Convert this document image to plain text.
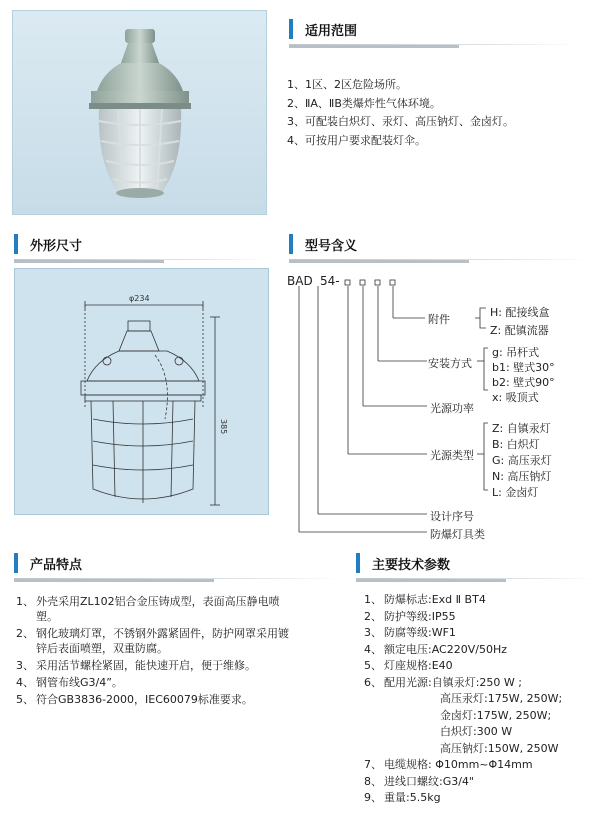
适用范围
1、1区、2区危险场所。
2、ⅡA、ⅡB类爆炸性气体环境。
3、可配装白炽灯、汞灯、高压钠灯、金卤灯。
4、可按用户要求配装灯伞。
外形尺寸	型号含义
φ234
385
BAD 54-
附件
H: 配接线盒
Z: 配镇流器
安装方式
g: 吊杆式
b1: 壁式30°
b2: 壁式90°
x: 吸顶式
光源功率
光源类型
Z: 自镇汞灯
B: 白炽灯
G: 高压汞灯
N: 高压钠灯
L: 金卤灯
设计序号
防爆灯具类
产品特点
1、 外壳采用ZL102铝合金压铸成型，表面高压静电喷塑。
2、 钢化玻璃灯罩，不锈钢外露紧固件，防护网罩采用镀锌后表面喷塑，双重防腐。
3、 采用活节螺栓紧固，能快速开启，便于维修。
4、 钢管布线G3/4”。
5、 符合GB3836-2000，IEC60079标准要求。
主要技术参数
1、 防爆标志:Exd Ⅱ BT4
2、 防护等级:IP55
3、 防腐等级:WF1
4、 额定电压:AC220V/50Hz
5、 灯座规格:E40
6、 配用光源:自镇汞灯:250 W ;
高压汞灯:175W, 250W;
金卤灯:175W, 250W;
白炽灯:300 W
高压钠灯:150W, 250W
7、 电缆规格: Φ10mm~Φ14mm
8、 进线口螺纹:G3/4"
9、 重量:5.5kg
